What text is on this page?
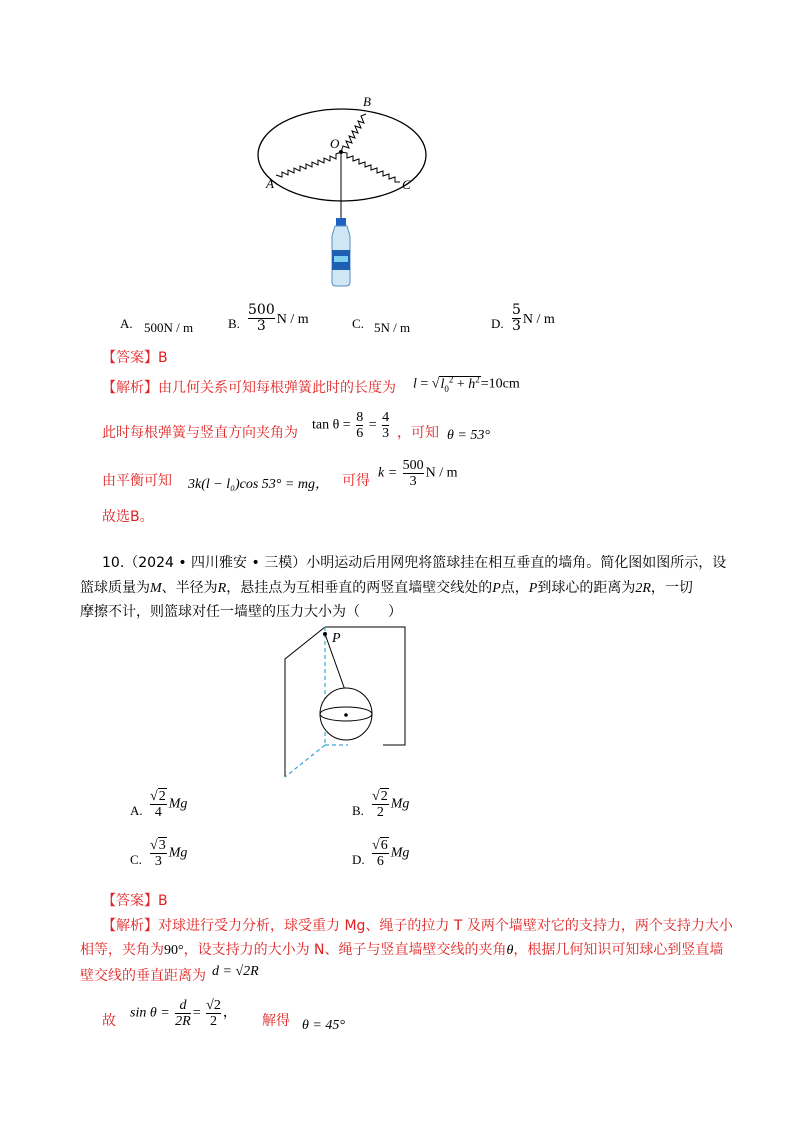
B
O
A	C
A. 500N / m	B. $\frac{500}{3}$ N / m	C. 5N / m	D. $\frac{5}{3}$ N / m
【答案】B
【解析】由几何关系可知每根弹簧此时的长度为 $l = √l_0^2 + h^2=10cm$
此时每根弹簧与竖直方向夹角为 $\tan \theta = \frac{8}{6} = \frac{4}{3}$ ，可知 θ = 53°
由平衡可知 3k(l − l₀)cos 53° = mg， 可得 $k = \frac{500}{3}$ N / m
故选B。
10.（2024 • 四川雅安 • 三模）小明运动后用网兜将篮球挂在相互垂直的墙角。简化图如图所示，设
篮球质量为M、半径为R，悬挂点为互相垂直的两竖直墙壁交线处的P点，P到球心的距离为2R，一切
摩擦不计，则篮球对任一墙壁的压力大小为（　　）
P
A. $\frac{√2}{4}$ Mg	B. $\frac{√2}{2}$ Mg
C. $\frac{√3}{3}$ Mg	D. $\frac{√6}{6}$ Mg
【答案】B
【解析】对球进行受力分析，球受重力 Mg、绳子的拉力 T 及两个墙壁对它的支持力，两个支持力大小
相等，夹角为90°，设支持力的大小为 N、绳子与竖直墙壁交线的夹角θ，根据几何知识可知球心到竖直墙
壁交线的垂直距离为 d = √2R
故 $\sin \theta = \frac{d}{2R} = \frac{√2}{2}$ ， 解得 θ = 45°
